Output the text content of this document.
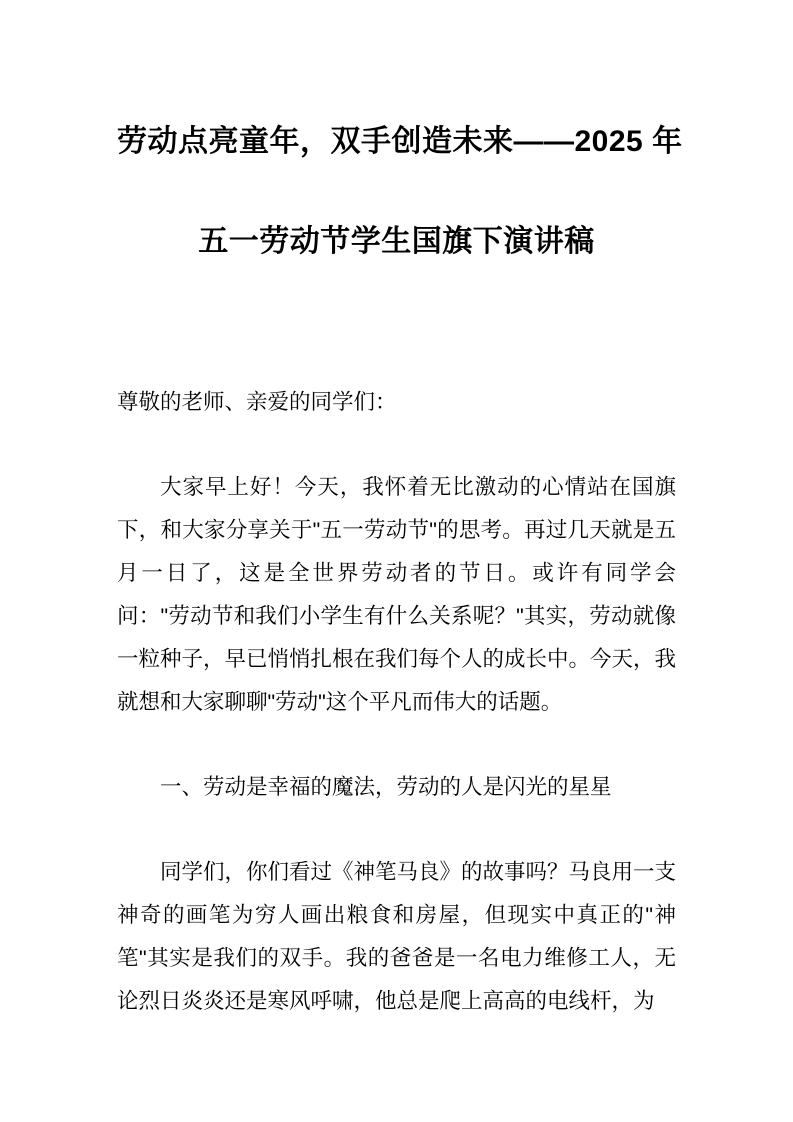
劳动点亮童年，双手创造未来——2025 年
五一劳动节学生国旗下演讲稿

尊敬的老师、亲爱的同学们：

大家早上好！今天，我怀着无比激动的心情站在国旗下，和大家分享关于"五一劳动节"的思考。再过几天就是五月一日了，这是全世界劳动者的节日。或许有同学会问："劳动节和我们小学生有什么关系呢？"其实，劳动就像一粒种子，早已悄悄扎根在我们每个人的成长中。今天，我就想和大家聊聊"劳动"这个平凡而伟大的话题。

一、劳动是幸福的魔法，劳动的人是闪光的星星

同学们，你们看过《神笔马良》的故事吗？马良用一支神奇的画笔为穷人画出粮食和房屋，但现实中真正的"神笔"其实是我们的双手。我的爸爸是一名电力维修工人，无论烈日炎炎还是寒风呼啸，他总是爬上高高的电线杆，为
